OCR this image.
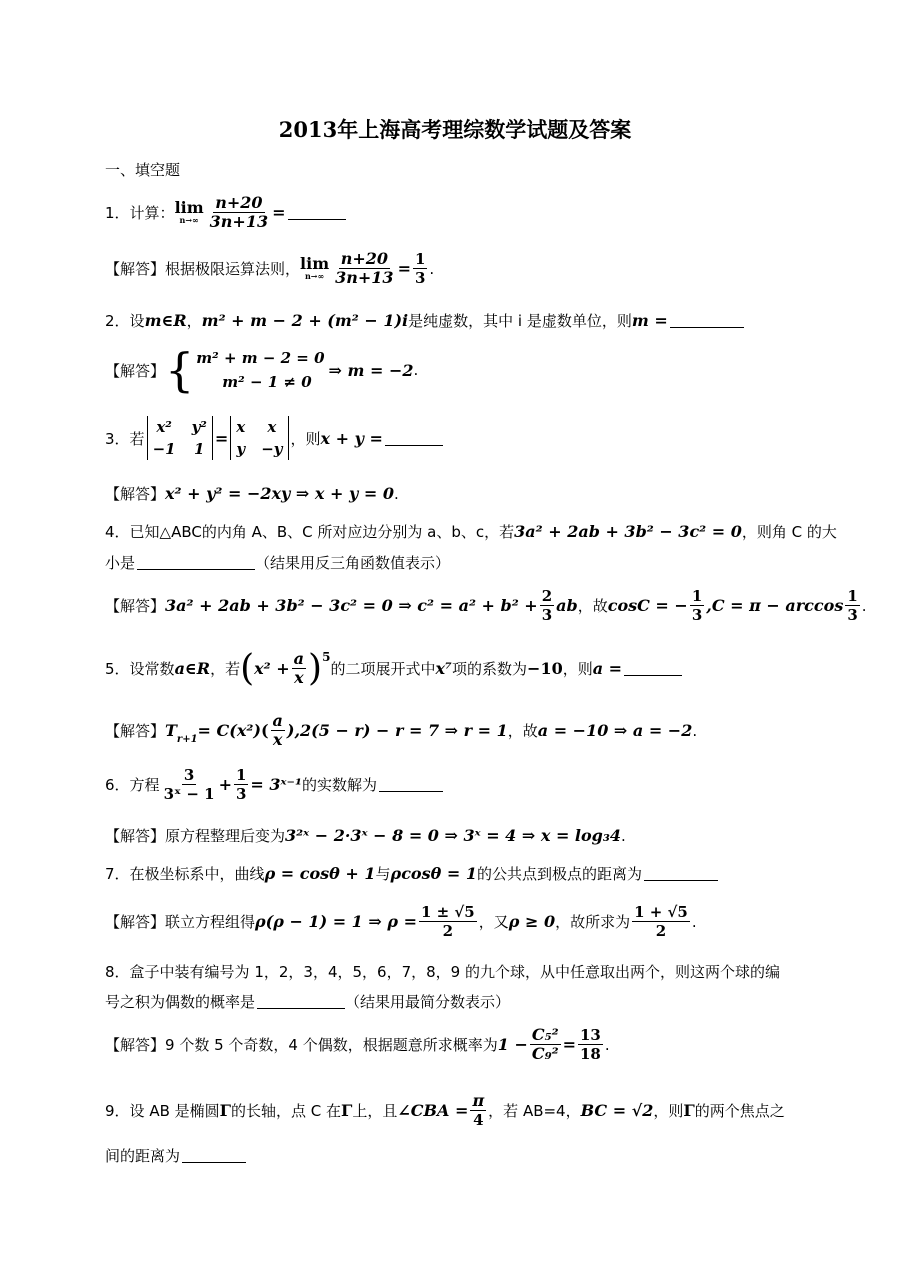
2013年上海高考理综数学试题及答案
一、填空题
1． 计算： lim
$n\to\infty \frac{n+20}{3n+13}$ =
【解答】 根据极限运算法则， lim
$n\to\infty \frac{n+20}{3n+13} = \frac{1}{3}$ .
2． 设 m∈R ， m² + m − 2 + (m² − 1)i 是纯虚数，其中 i 是虚数单位，则 m =
【解答】 { m² + m − 2 = 0
m² − 1 ≠ 0
⇒ m = −2 .
3． 若
x² y²
−1 1
=
x	x
y −y
，则 x + y =
【解答】 x² + y² = −2xy ⇒ x + y = 0 .
4． 已知△ABC的内角 A、B、C 所对应边分别为 a、b、c，若 3a² + 2ab + 3b² − 3c² = 0 ，则角 C 的大
小是	（结果用反三角函数值表示）
【解答】 3a² + 2ab + 3b² − 3c² = 0 ⇒ $c^2 = a^2 + b^2 + \frac{2}{3}$ ab ，故 cosC = − $\frac{1}{3} ,C = \pi - \arccos \frac{1}{3}$ .
5． 设常数 a∈R ，若 ( $x^2 + \frac{a}{x}$ ) 5
的二项展开式中 x⁷ 项的系数为 −10 ，则 a =
【解答】 T r+1 = C (x²) ( $\frac{a}{x} ),2(5 - r) - r = 7$ ⇒ r = 1 ，故 a = −10 ⇒ a = −2 .
6． 方程 $\frac{3}{\text{3ˣ − 1}} + \frac{1}{3}$ = 3ˣ⁻¹ 的实数解为
【解答】 原方程整理后变为 3²ˣ − 2·3ˣ − 8 = 0 ⇒ 3ˣ = 4 ⇒ x = log₃4 .
7． 在极坐标系中，曲线 ρ = cosθ + 1 与 ρcosθ = 1 的公共点到极点的距离为
【解答】 联立方程组得 ρ(ρ − 1) = 1 ⇒ $\rho = \frac{1 \pm √5}{2}$ ，又 ρ ≥ 0 ，故所求为 $\frac{1 + √5}{2}$ .
8． 盒子中装有编号为 1，2，3，4，5，6，7，8，9 的九个球，从中任意取出两个，则这两个球的编
号之积为偶数的概率是	（结果用最简分数表示）
【解答】 9 个数 5 个奇数，4 个偶数，根据题意所求概率为 $1 - \frac{\text{C₅²}}{\text{C₉²}} = \frac{13}{18}$ .
9． 设 AB 是椭圆 Γ 的长轴，点 C 在 Γ 上，且 ∠CBA = $\frac{\pi}{4}$ ，若 AB=4， BC = √2 ，则 Γ 的两个焦点之
间的距离为
